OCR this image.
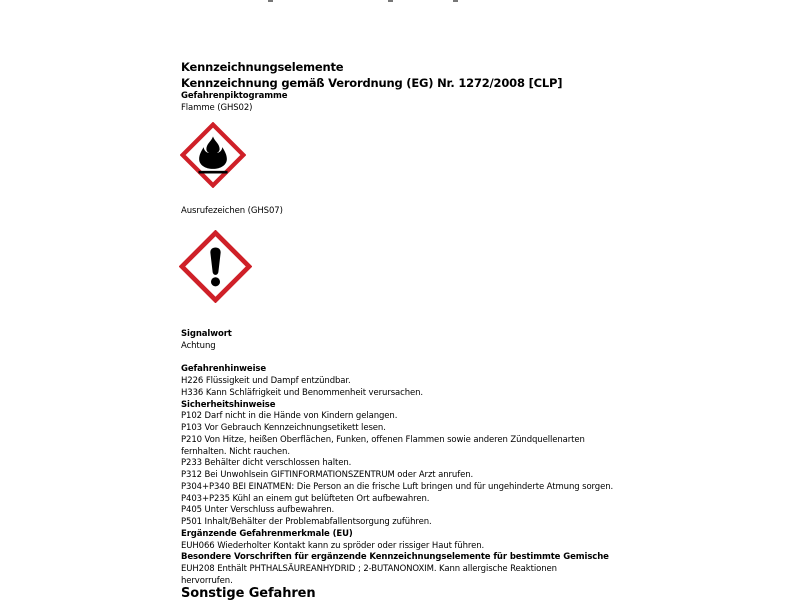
Kennzeichnungselemente
Kennzeichnung gemäß Verordnung (EG) Nr. 1272/2008 [CLP]
Gefahrenpiktogramme
Flamme (GHS02)
Ausrufezeichen (GHS07)
Signalwort
Achtung
Gefahrenhinweise
H226 Flüssigkeit und Dampf entzündbar.
H336 Kann Schläfrigkeit und Benommenheit verursachen.
Sicherheitshinweise
P102 Darf nicht in die Hände von Kindern gelangen.
P103 Vor Gebrauch Kennzeichnungsetikett lesen.
P210 Von Hitze, heißen Oberflächen, Funken, offenen Flammen sowie anderen Zündquellenarten
fernhalten. Nicht rauchen.
P233 Behälter dicht verschlossen halten.
P312 Bei Unwohlsein GIFTINFORMATIONSZENTRUM oder Arzt anrufen.
P304+P340 BEI EINATMEN: Die Person an die frische Luft bringen und für ungehinderte Atmung sorgen.
P403+P235 Kühl an einem gut belüfteten Ort aufbewahren.
P405 Unter Verschluss aufbewahren.
P501 Inhalt/Behälter der Problemabfallentsorgung zuführen.
Ergänzende Gefahrenmerkmale (EU)
EUH066 Wiederholter Kontakt kann zu spröder oder rissiger Haut führen.
Besondere Vorschriften für ergänzende Kennzeichnungselemente für bestimmte Gemische
EUH208 Enthält PHTHALSÄUREANHYDRID ; 2-BUTANONOXIM. Kann allergische Reaktionen
hervorrufen.
Sonstige Gefahren
